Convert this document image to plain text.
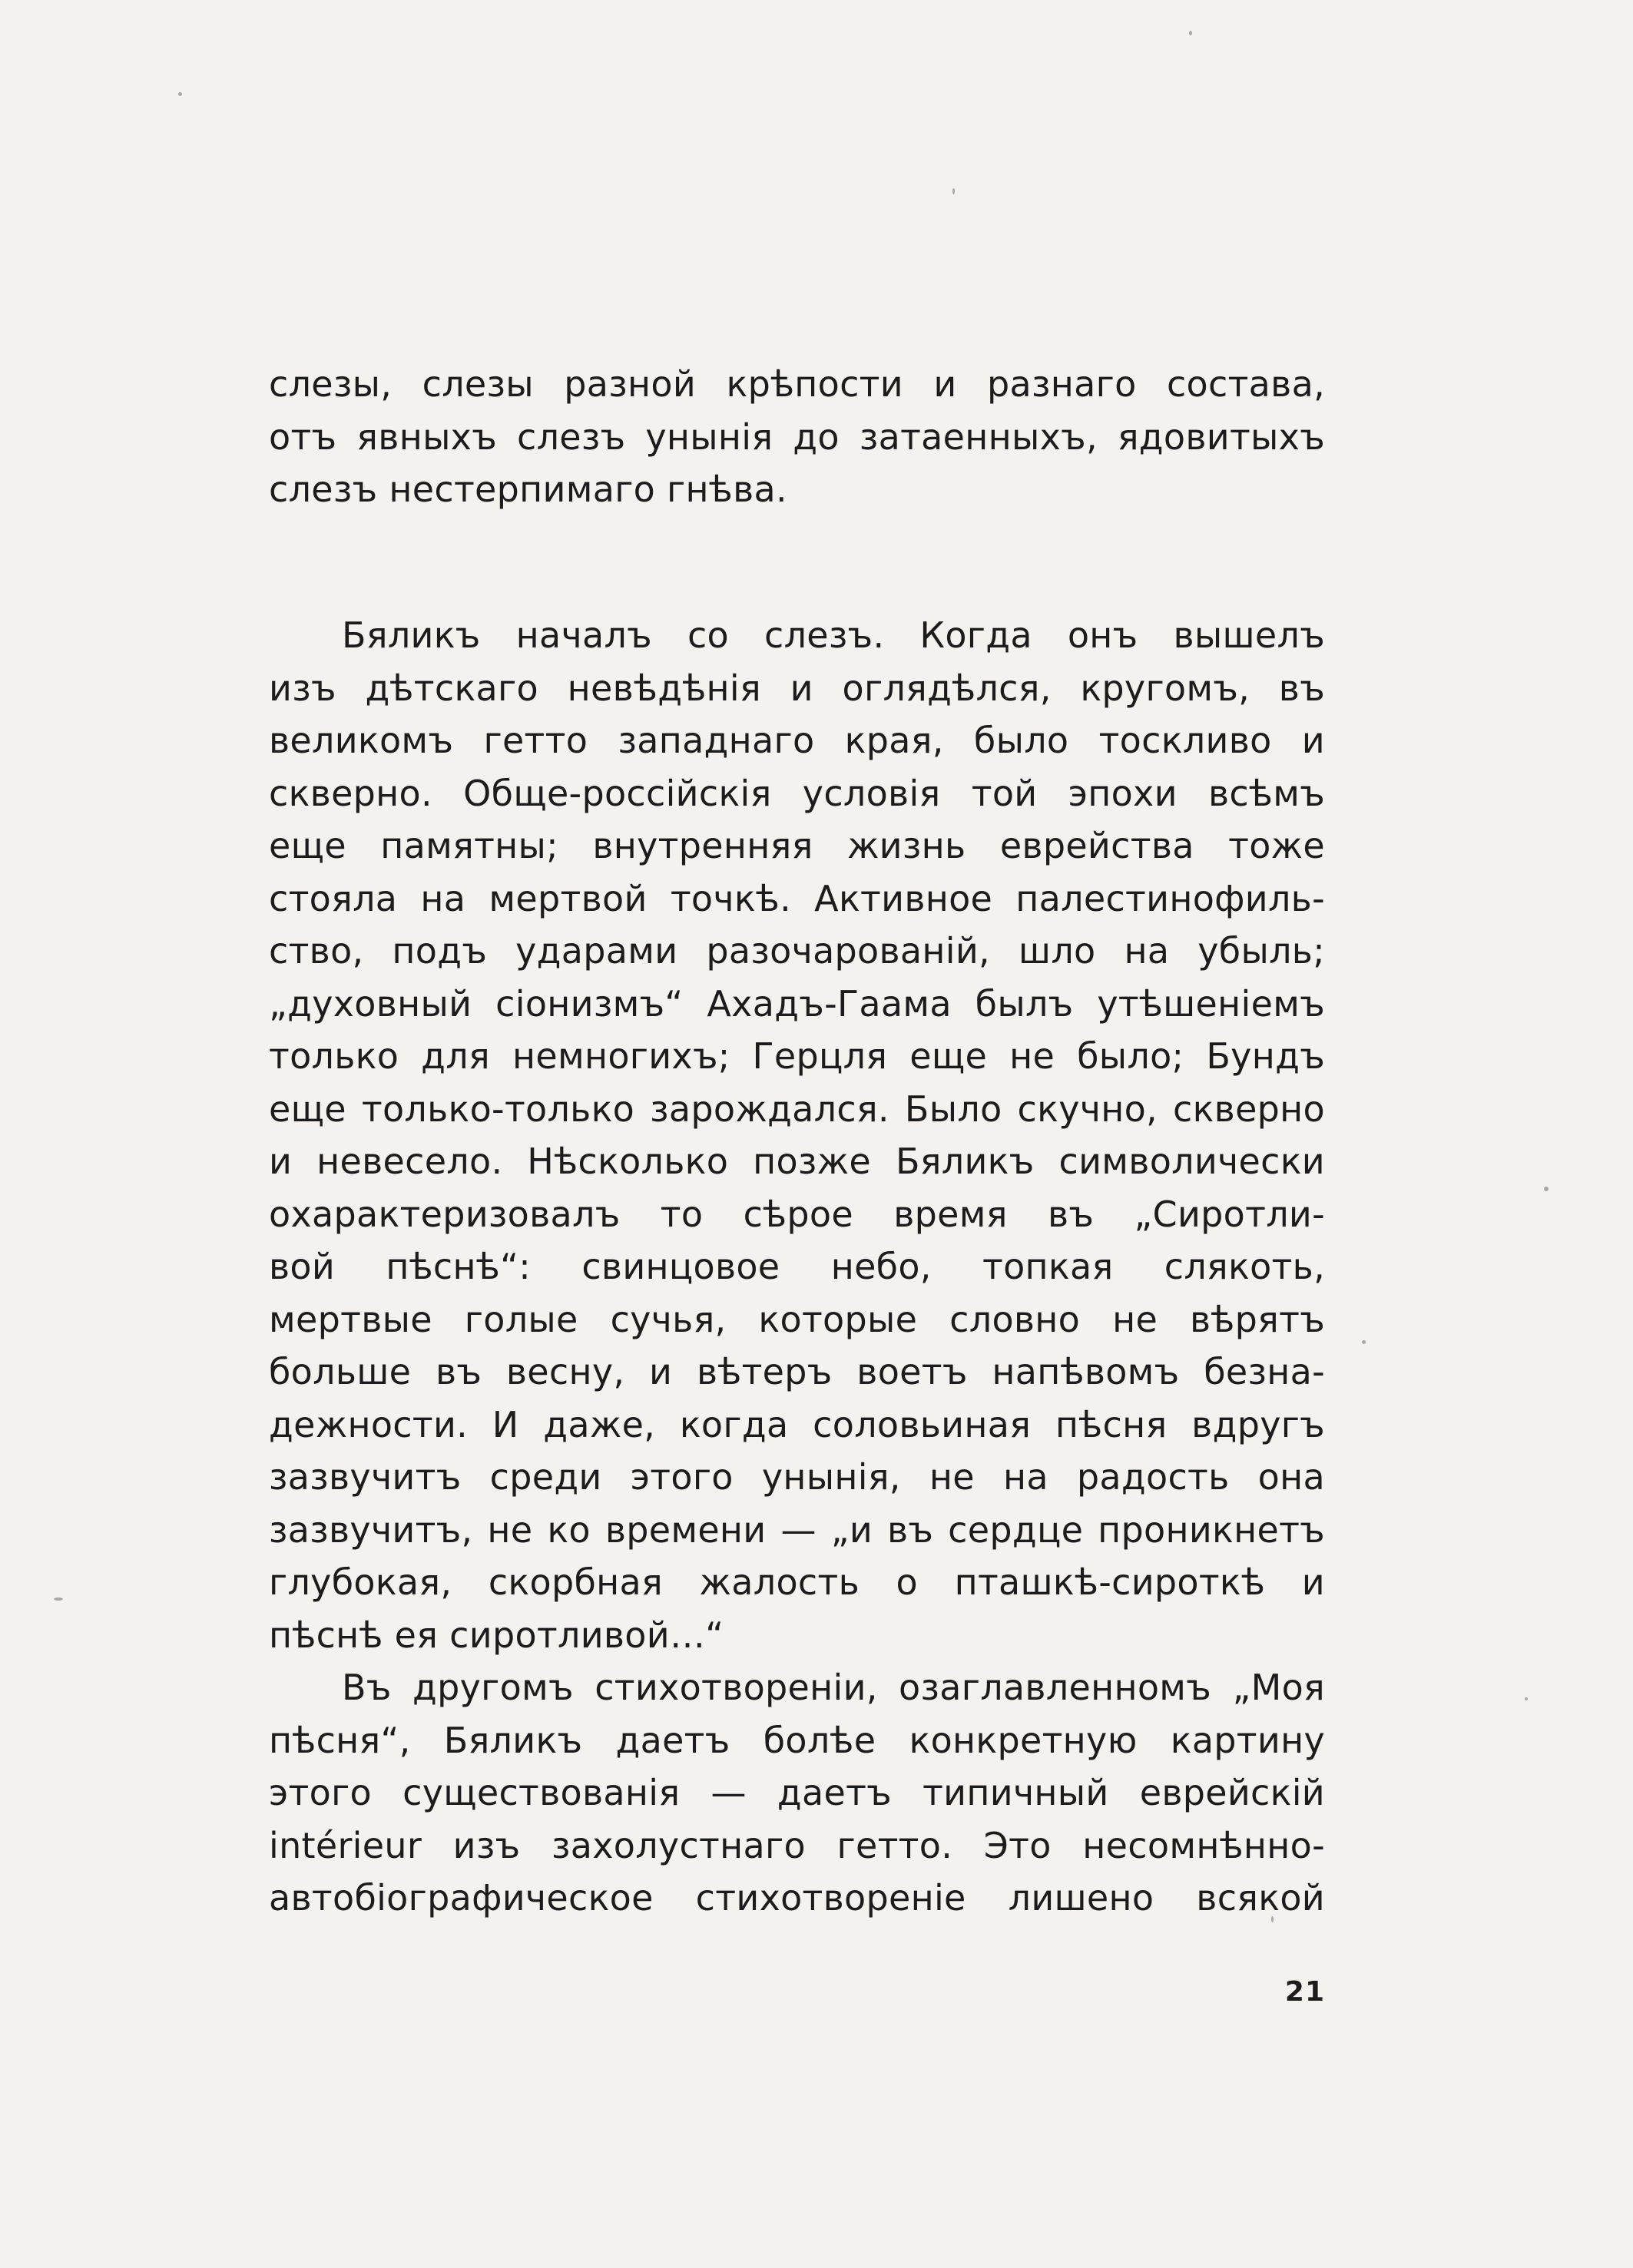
слезы, слезы разной крѣпости и разнаго состава,
отъ явныхъ слезъ унынія до затаенныхъ, ядовитыхъ
слезъ нестерпимаго гнѣва.
Бяликъ началъ со слезъ. Когда онъ вышелъ
изъ дѣтскаго невѣдѣнія и оглядѣлся, кругомъ, въ
великомъ гетто западнаго края, было тоскливо и
скверно. Обще-россійскія условія той эпохи всѣмъ
еще памятны; внутренняя жизнь еврейства тоже
стояла на мертвой точкѣ. Активное палестинофиль-
ство, подъ ударами разочарованій, шло на убыль;
„духовный сіонизмъ“ Ахадъ-Гаама былъ утѣшеніемъ
только для немногихъ; Герцля еще не было; Бундъ
еще только-только зарождался. Было скучно, скверно
и невесело. Нѣсколько позже Бяликъ символически
охарактеризовалъ то сѣрое время въ „Сиротли-
вой пѣснѣ“: свинцовое небо, топкая слякоть,
мертвые голые сучья, которые словно не вѣрятъ
больше въ весну, и вѣтеръ воетъ напѣвомъ безна-
дежности. И даже, когда соловьиная пѣсня вдругъ
зазвучитъ среди этого унынія, не на радость она
зазвучитъ, не ко времени — „и въ сердце проникнетъ
глубокая, скорбная жалость о пташкѣ-сироткѣ и
пѣснѣ ея сиротливой…“
Въ другомъ стихотвореніи, озаглавленномъ „Моя
пѣсня“, Бяликъ даетъ болѣе конкретную картину
этого существованія — даетъ типичный еврейскій
intérieur изъ захолустнаго гетто. Это несомнѣнно-
автобіографическое стихотвореніе лишено всякой
21
